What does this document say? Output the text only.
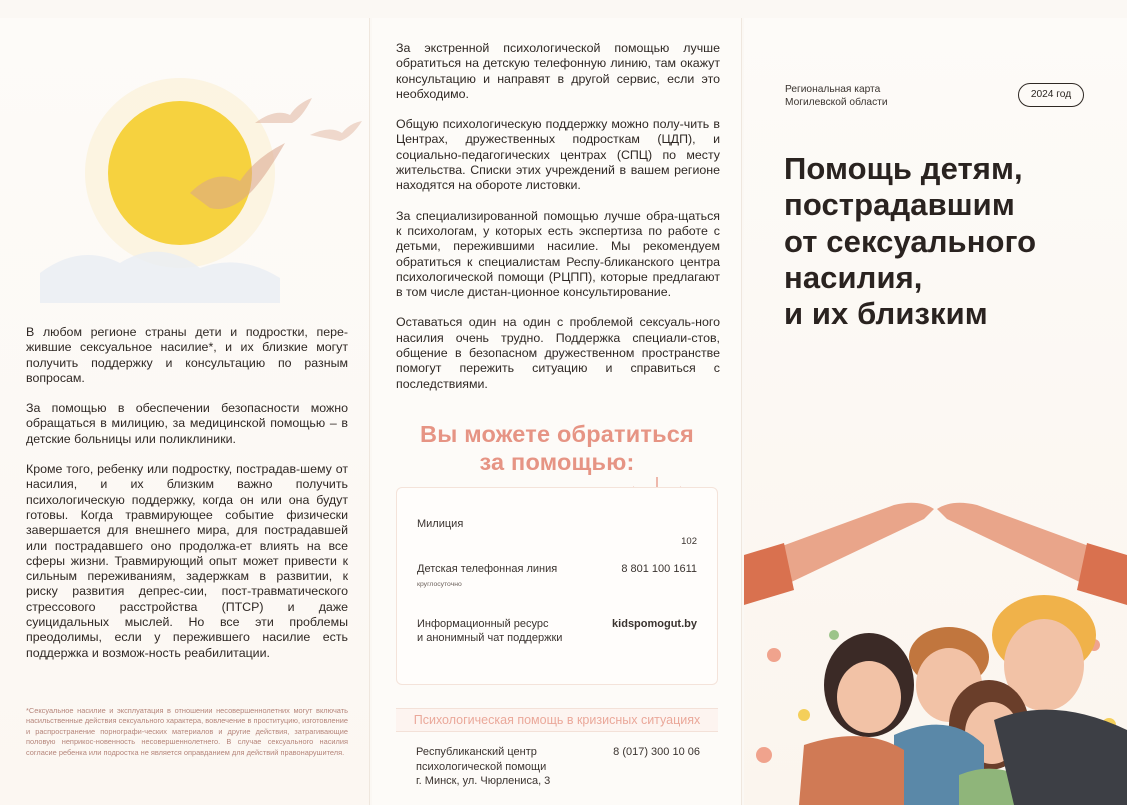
В любом регионе страны дети и подростки, пере-жившие сексуальное насилие*, и их близкие могут получить поддержку и консультацию по разным вопросам.

За помощью в обеспечении безопасности можно обращаться в милицию, за медицинской помощью – в детские больницы или поликлиники.

Кроме того, ребенку или подростку, пострадав-шему от насилия, и их близким важно получить психологическую поддержку, когда он или она будут готовы. Когда травмирующее событие физически завершается для внешнего мира, для пострадавшей или пострадавшего оно продолжа-ет влиять на все сферы жизни. Травмирующий опыт может привести к сильным переживаниям, задержкам в развитии, к риску развития депрес-сии, пост-травматического стрессового расстройства (ПТСР) и даже суицидальных мыслей. Но все эти проблемы преодолимы, если у пережившего насилие есть поддержка и возмож-ность реабилитации.

*Сексуальное насилие и эксплуатация в отношении несовершеннолетних могут включать насильственные действия сексуального характера, вовлечение в проституцию, изготовление и распространение порнографи-ческих материалов и другие действия, затрагивающие половую неприкос-новенность несовершеннолетнего. В случае сексуального насилия согласие ребенка или подростка не является оправданием для действий правонарушителя.

За экстренной психологической помощью лучше обратиться на детскую телефонную линию, там окажут консультацию и направят в другой сервис, если это необходимо.

Общую психологическую поддержку можно полу-чить в Центрах, дружественных подросткам (ЦДП), и социально-педагогических центрах (СПЦ) по месту жительства. Списки этих учреждений в вашем регионе находятся на обороте листовки.

За специализированной помощью лучше обра-щаться к психологам, у которых есть экспертиза по работе с детьми, пережившими насилие. Мы рекомендуем обратиться к специалистам Респу-бликанского центра психологической помощи (РЦПП), которые предлагают в том числе дистан-ционное консультирование.

Оставаться один на один с проблемой сексуаль-ного насилия очень трудно. Поддержка специали-стов, общение в безопасном дружественном пространстве помогут пережить ситуацию и справиться с последствиями.

Вы можете обратиться
за помощью:
Милиция
102
Детская телефонная линия
круглосуточно
8 801 100 1611
Информационный ресурс
и анонимный чат поддержки
kidspomogut.by
Психологическая помощь в кризисных ситуациях
Республиканский центр
психологической помощи
г. Минск, ул. Чюрлениса, 3
8 (017) 300 10 06
Региональная карта
Могилевской области
2024 год
Помощь детям,
пострадавшим
от сексуального
насилия,
и их близким
